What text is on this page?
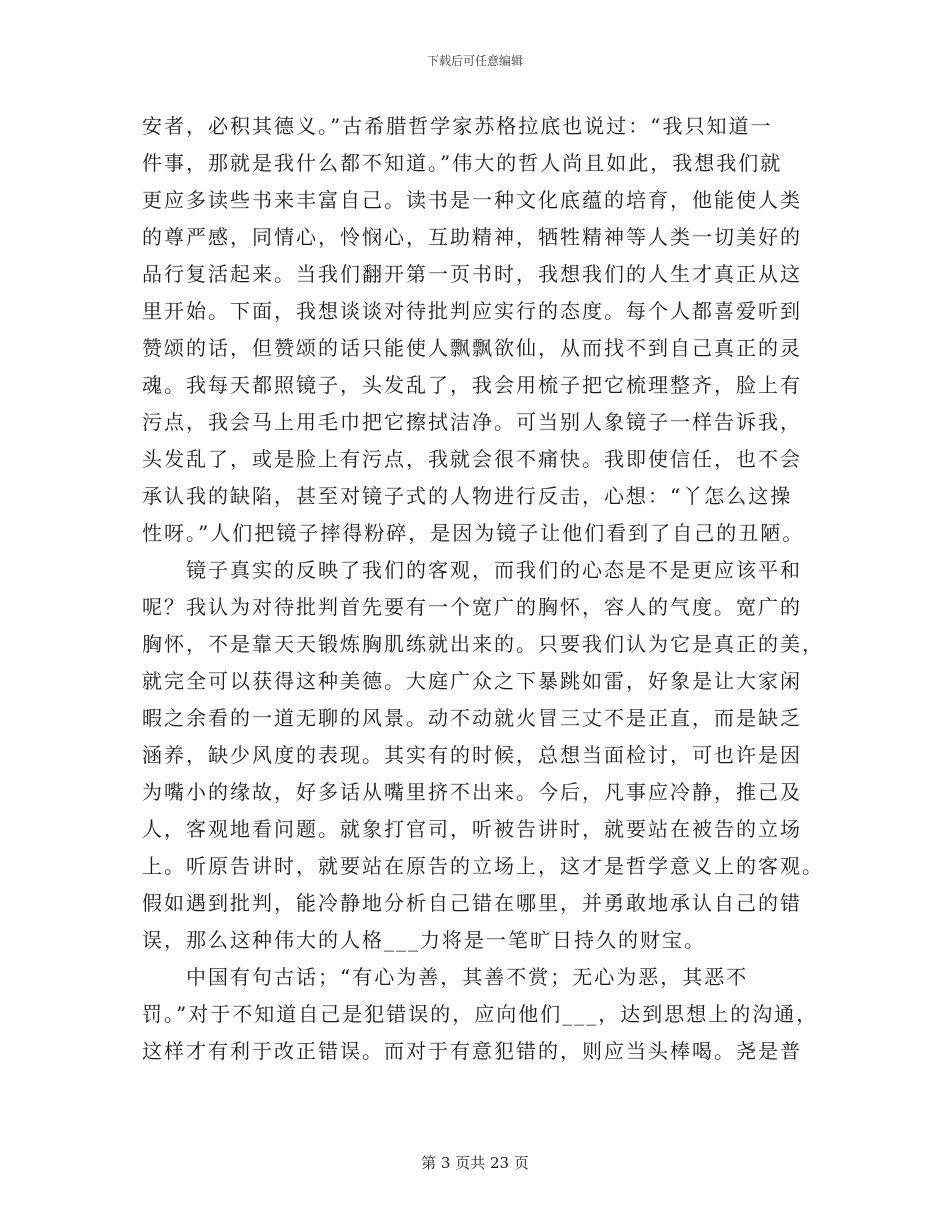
下载后可任意编辑
安者，必积其德义。”古希腊哲学家苏格拉底也说过：“我只知道一
件事，那就是我什么都不知道。”伟大的哲人尚且如此，我想我们就
更应多读些书来丰富自己。读书是一种文化底蕴的培育，他能使人类
的尊严感，同情心，怜悯心，互助精神，牺牲精神等人类一切美好的
品行复活起来。当我们翻开第一页书时，我想我们的人生才真正从这
里开始。下面，我想谈谈对待批判应实行的态度。每个人都喜爱听到
赞颂的话，但赞颂的话只能使人飘飘欲仙，从而找不到自己真正的灵
魂。我每天都照镜子，头发乱了，我会用梳子把它梳理整齐，脸上有
污点，我会马上用毛巾把它擦拭洁净。可当别人象镜子一样告诉我，
头发乱了，或是脸上有污点，我就会很不痛快。我即使信任，也不会
承认我的缺陷，甚至对镜子式的人物进行反击，心想：“丫怎么这操
性呀。”人们把镜子摔得粉碎，是因为镜子让他们看到了自己的丑陋。
　　镜子真实的反映了我们的客观，而我们的心态是不是更应该平和
呢？我认为对待批判首先要有一个宽广的胸怀，容人的气度。宽广的
胸怀，不是靠天天锻炼胸肌练就出来的。只要我们认为它是真正的美，
就完全可以获得这种美德。大庭广众之下暴跳如雷，好象是让大家闲
暇之余看的一道无聊的风景。动不动就火冒三丈不是正直，而是缺乏
涵养，缺少风度的表现。其实有的时候，总想当面检讨，可也许是因
为嘴小的缘故，好多话从嘴里挤不出来。今后，凡事应冷静，推己及
人，客观地看问题。就象打官司，听被告讲时，就要站在被告的立场
上。听原告讲时，就要站在原告的立场上，这才是哲学意义上的客观。
假如遇到批判，能冷静地分析自己错在哪里，并勇敢地承认自己的错
误，那么这种伟大的人格___力将是一笔旷日持久的财宝。
　　中国有句古话；“有心为善，其善不赏；无心为恶，其恶不
罚。”对于不知道自己是犯错误的，应向他们___，达到思想上的沟通，
这样才有利于改正错误。而对于有意犯错的，则应当头棒喝。尧是普
第 3 页共 23 页
